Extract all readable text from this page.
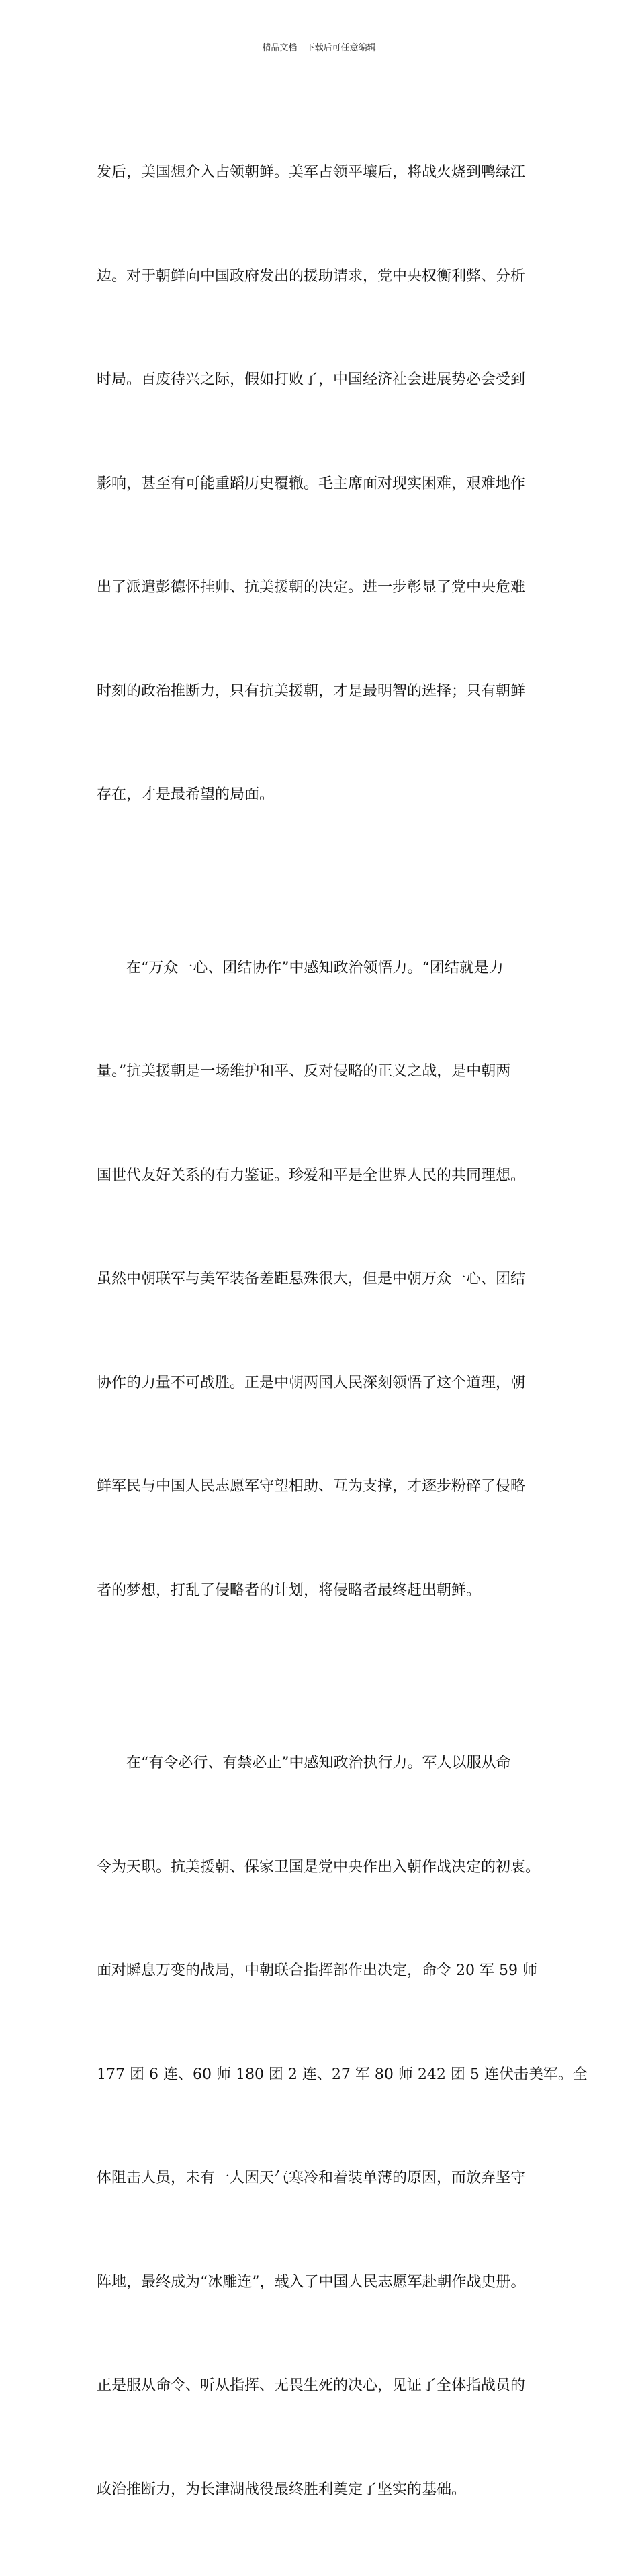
精品文档---下载后可任意编辑

发后，美国想介入占领朝鲜。美军占领平壤后，将战火烧到鸭绿江

边。对于朝鲜向中国政府发出的援助请求，党中央权衡利弊、分析

时局。百废待兴之际，假如打败了，中国经济社会进展势必会受到

影响，甚至有可能重蹈历史覆辙。毛主席面对现实困难，艰难地作

出了派遣彭德怀挂帅、抗美援朝的决定。进一步彰显了党中央危难

时刻的政治推断力，只有抗美援朝，才是最明智的选择；只有朝鲜

存在，才是最希望的局面。

　　在“万众一心、团结协作”中感知政治领悟力。“团结就是力

量。”抗美援朝是一场维护和平、反对侵略的正义之战，是中朝两

国世代友好关系的有力鉴证。珍爱和平是全世界人民的共同理想。

虽然中朝联军与美军装备差距悬殊很大，但是中朝万众一心、团结

协作的力量不可战胜。正是中朝两国人民深刻领悟了这个道理，朝

鲜军民与中国人民志愿军守望相助、互为支撑，才逐步粉碎了侵略

者的梦想，打乱了侵略者的计划，将侵略者最终赶出朝鲜。

　　在“有令必行、有禁必止”中感知政治执行力。军人以服从命

令为天职。抗美援朝、保家卫国是党中央作出入朝作战决定的初衷。

面对瞬息万变的战局，中朝联合指挥部作出决定，命令 20 军 59 师

177 团 6 连、60 师 180 团 2 连、27 军 80 师 242 团 5 连伏击美军。全

体阻击人员，未有一人因天气寒冷和着装单薄的原因，而放弃坚守

阵地，最终成为“冰雕连”，载入了中国人民志愿军赴朝作战史册。

正是服从命令、听从指挥、无畏生死的决心，见证了全体指战员的

政治推断力，为长津湖战役最终胜利奠定了坚实的基础。
